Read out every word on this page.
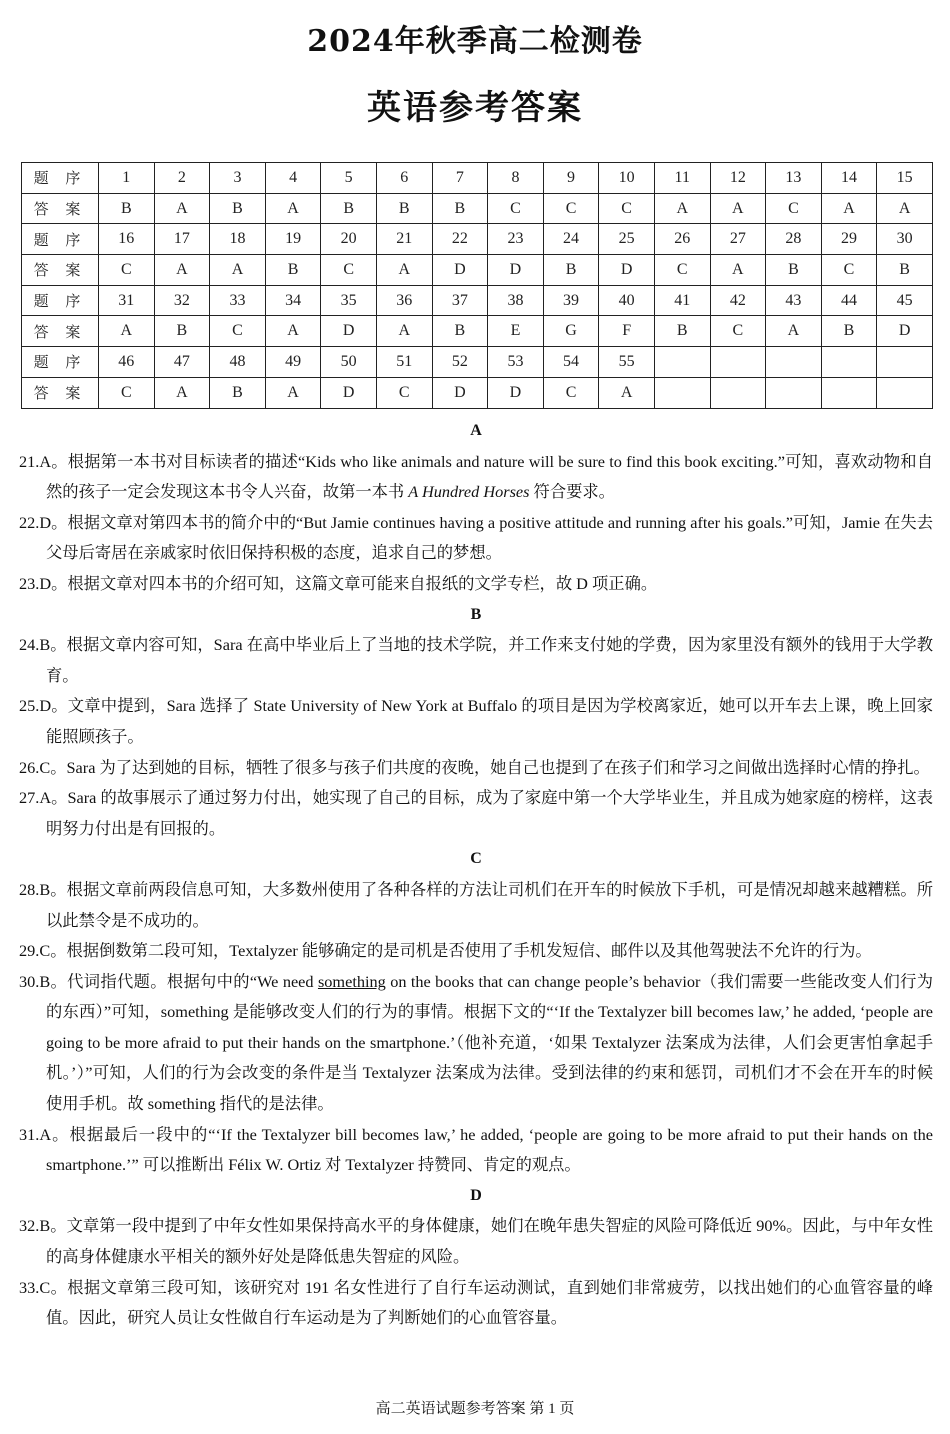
2024年秋季高二检测卷
英语参考答案
题 序	1	2	3	4	5	6	7	8	9	10	11	12	13	14	15
答 案	B	A	B	A	B	B	B	C	C	C	A	A	C	A	A
题 序	16	17	18	19	20	21	22	23	24	25	26	27	28	29	30
答 案	C	A	A	B	C	A	D	D	B	D	C	A	B	C	B
题 序	31	32	33	34	35	36	37	38	39	40	41	42	43	44	45
答 案	A	B	C	A	D	A	B	E	G	F	B	C	A	B	D
题 序	46	47	48	49	50	51	52	53	54	55					
答 案	C	A	B	A	D	C	D	D	C	A					
A
21.A。根据第一本书对目标读者的描述“Kids who like animals and nature will be sure to find this book exciting.”可知，喜欢动物和自然的孩子一定会发现这本书令人兴奋，故第一本书 A Hundred Horses 符合要求。
22.D。根据文章对第四本书的简介中的“But Jamie continues having a positive attitude and running after his goals.”可知，Jamie 在失去父母后寄居在亲戚家时依旧保持积极的态度，追求自己的梦想。
23.D。根据文章对四本书的介绍可知，这篇文章可能来自报纸的文学专栏，故 D 项正确。
B
24.B。根据文章内容可知，Sara 在高中毕业后上了当地的技术学院，并工作来支付她的学费，因为家里没有额外的钱用于大学教育。
25.D。文章中提到，Sara 选择了 State University of New York at Buffalo 的项目是因为学校离家近，她可以开车去上课，晚上回家能照顾孩子。
26.C。Sara 为了达到她的目标，牺牲了很多与孩子们共度的夜晚，她自己也提到了在孩子们和学习之间做出选择时心情的挣扎。
27.A。Sara 的故事展示了通过努力付出，她实现了自己的目标，成为了家庭中第一个大学毕业生，并且成为她家庭的榜样，这表明努力付出是有回报的。
C
28.B。根据文章前两段信息可知，大多数州使用了各种各样的方法让司机们在开车的时候放下手机，可是情况却越来越糟糕。所以此禁令是不成功的。
29.C。根据倒数第二段可知，Textalyzer 能够确定的是司机是否使用了手机发短信、邮件以及其他驾驶法不允许的行为。
30.B。代词指代题。根据句中的“We need something on the books that can change people’s behavior（我们需要一些能改变人们行为的东西）”可知，something 是能够改变人们的行为的事情。根据下文的“‘If the Textalyzer bill becomes law,’ he added, ‘people are going to be more afraid to put their hands on the smartphone.’（他补充道，‘如果 Textalyzer 法案成为法律，人们会更害怕拿起手机。’）”可知，人们的行为会改变的条件是当 Textalyzer 法案成为法律。受到法律的约束和惩罚，司机们才不会在开车的时候使用手机。故 something 指代的是法律。
31.A。根据最后一段中的“‘If the Textalyzer bill becomes law,’ he added, ‘people are going to be more afraid to put their hands on the smartphone.’” 可以推断出 Félix W. Ortiz 对 Textalyzer 持赞同、肯定的观点。
D
32.B。文章第一段中提到了中年女性如果保持高水平的身体健康，她们在晚年患失智症的风险可降低近 90%。因此，与中年女性的高身体健康水平相关的额外好处是降低患失智症的风险。
33.C。根据文章第三段可知，该研究对 191 名女性进行了自行车运动测试，直到她们非常疲劳，以找出她们的心血管容量的峰值。因此，研究人员让女性做自行车运动是为了判断她们的心血管容量。
高二英语试题参考答案 第 1 页
